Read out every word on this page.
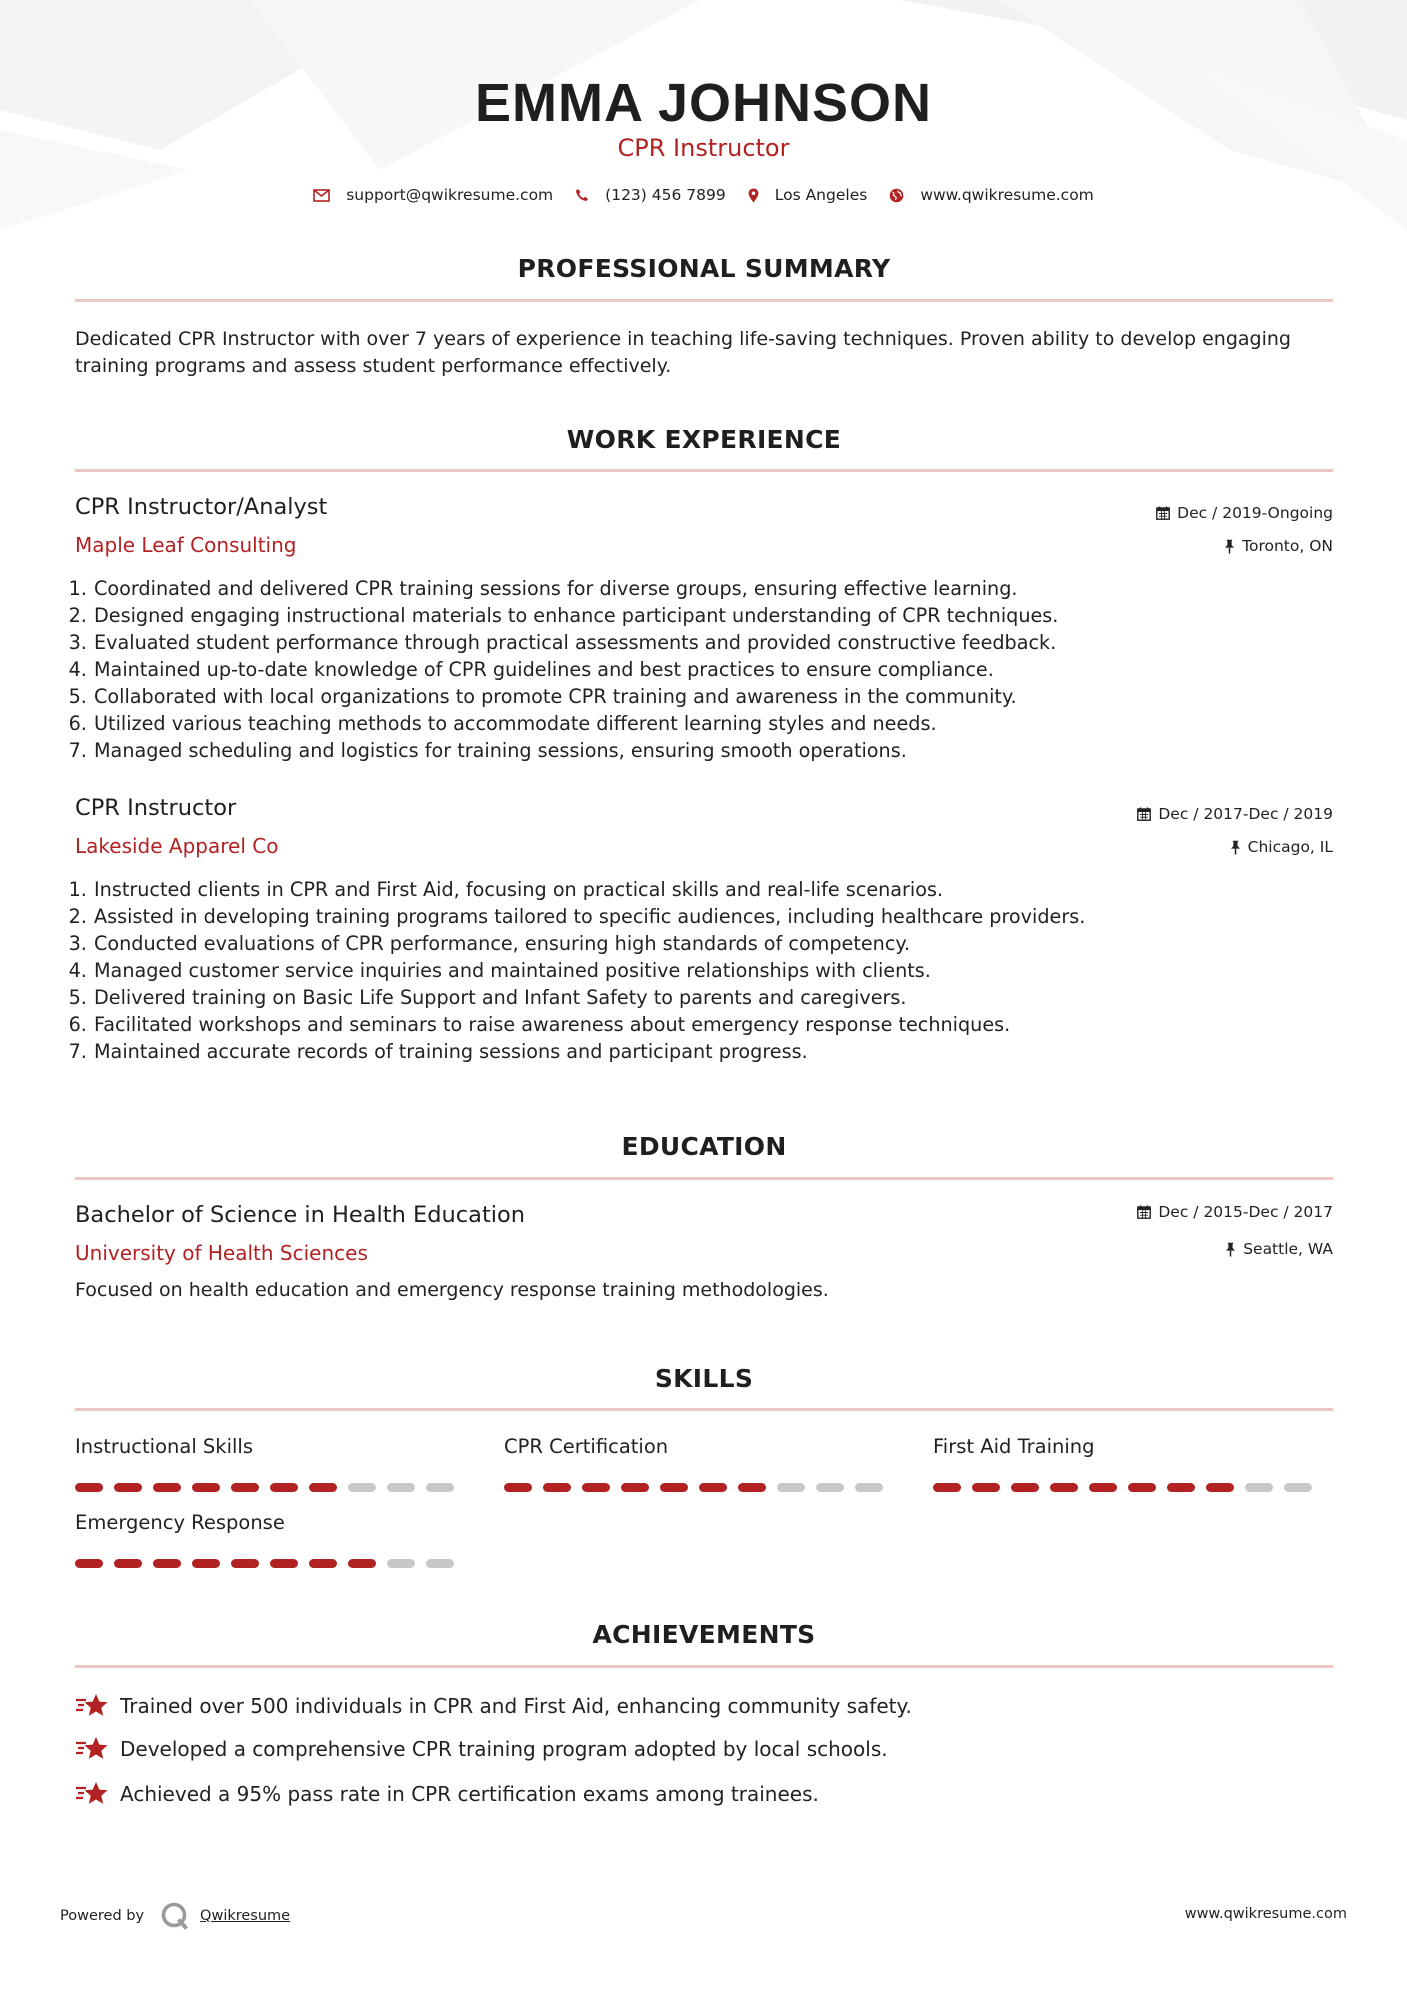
EMMA JOHNSON
CPR Instructor
support@qwikresume.com	(123) 456 7899	Los Angeles	www.qwikresume.com
PROFESSIONAL SUMMARY
Dedicated CPR Instructor with over 7 years of experience in teaching life-saving techniques. Proven ability to develop engaging training programs and assess student performance effectively.
WORK EXPERIENCE
CPR Instructor/Analyst
Maple Leaf Consulting
Dec / 2019-Ongoing
Toronto, ON
1. Coordinated and delivered CPR training sessions for diverse groups, ensuring effective learning.
2. Designed engaging instructional materials to enhance participant understanding of CPR techniques.
3. Evaluated student performance through practical assessments and provided constructive feedback.
4. Maintained up-to-date knowledge of CPR guidelines and best practices to ensure compliance.
5. Collaborated with local organizations to promote CPR training and awareness in the community.
6. Utilized various teaching methods to accommodate different learning styles and needs.
7. Managed scheduling and logistics for training sessions, ensuring smooth operations.
CPR Instructor
Lakeside Apparel Co
Dec / 2017-Dec / 2019
Chicago, IL
1. Instructed clients in CPR and First Aid, focusing on practical skills and real-life scenarios.
2. Assisted in developing training programs tailored to specific audiences, including healthcare providers.
3. Conducted evaluations of CPR performance, ensuring high standards of competency.
4. Managed customer service inquiries and maintained positive relationships with clients.
5. Delivered training on Basic Life Support and Infant Safety to parents and caregivers.
6. Facilitated workshops and seminars to raise awareness about emergency response techniques.
7. Maintained accurate records of training sessions and participant progress.
EDUCATION
Bachelor of Science in Health Education
University of Health Sciences
Dec / 2015-Dec / 2017
Seattle, WA
Focused on health education and emergency response training methodologies.
SKILLS
Instructional Skills	CPR Certification	First Aid Training
Emergency Response
ACHIEVEMENTS
Trained over 500 individuals in CPR and First Aid, enhancing community safety.
Developed a comprehensive CPR training program adopted by local schools.
Achieved a 95% pass rate in CPR certification exams among trainees.
Powered by	Qwikresume	www.qwikresume.com
